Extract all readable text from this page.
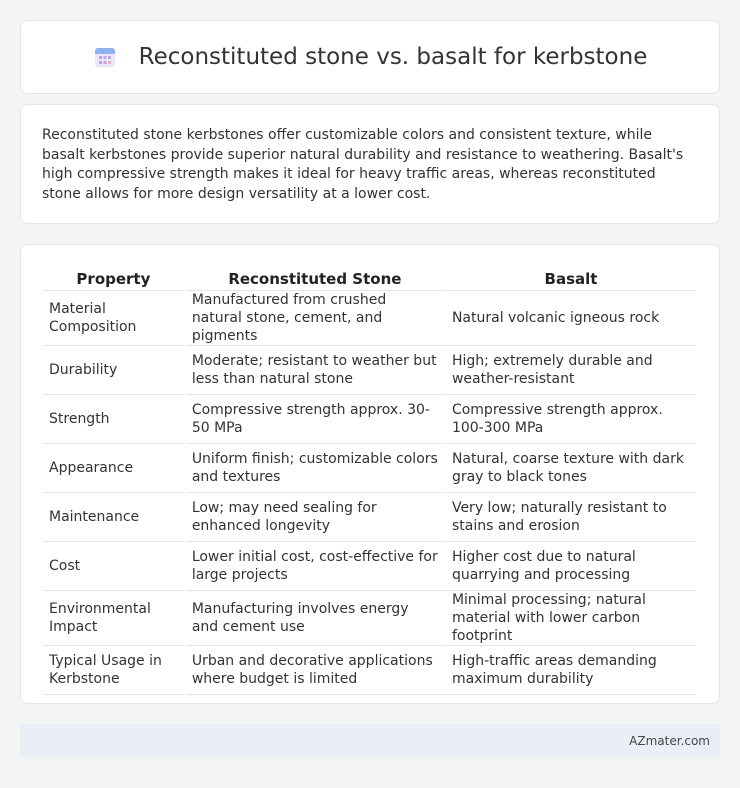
Reconstituted stone vs. basalt for kerbstone

Reconstituted stone kerbstones offer customizable colors and consistent texture, while basalt kerbstones provide superior natural durability and resistance to weathering. Basalt's high compressive strength makes it ideal for heavy traffic areas, whereas reconstituted stone allows for more design versatility at a lower cost.

Property	Reconstituted Stone	Basalt
Material Composition	Manufactured from crushed natural stone, cement, and pigments	Natural volcanic igneous rock
Durability	Moderate; resistant to weather but less than natural stone	High; extremely durable and weather-resistant
Strength	Compressive strength approx. 30-50 MPa	Compressive strength approx. 100-300 MPa
Appearance	Uniform finish; customizable colors and textures	Natural, coarse texture with dark gray to black tones
Maintenance	Low; may need sealing for enhanced longevity	Very low; naturally resistant to stains and erosion
Cost	Lower initial cost, cost-effective for large projects	Higher cost due to natural quarrying and processing
Environmental Impact	Manufacturing involves energy and cement use	Minimal processing; natural material with lower carbon footprint
Typical Usage in Kerbstone	Urban and decorative applications where budget is limited	High-traffic areas demanding maximum durability
AZmater.com
